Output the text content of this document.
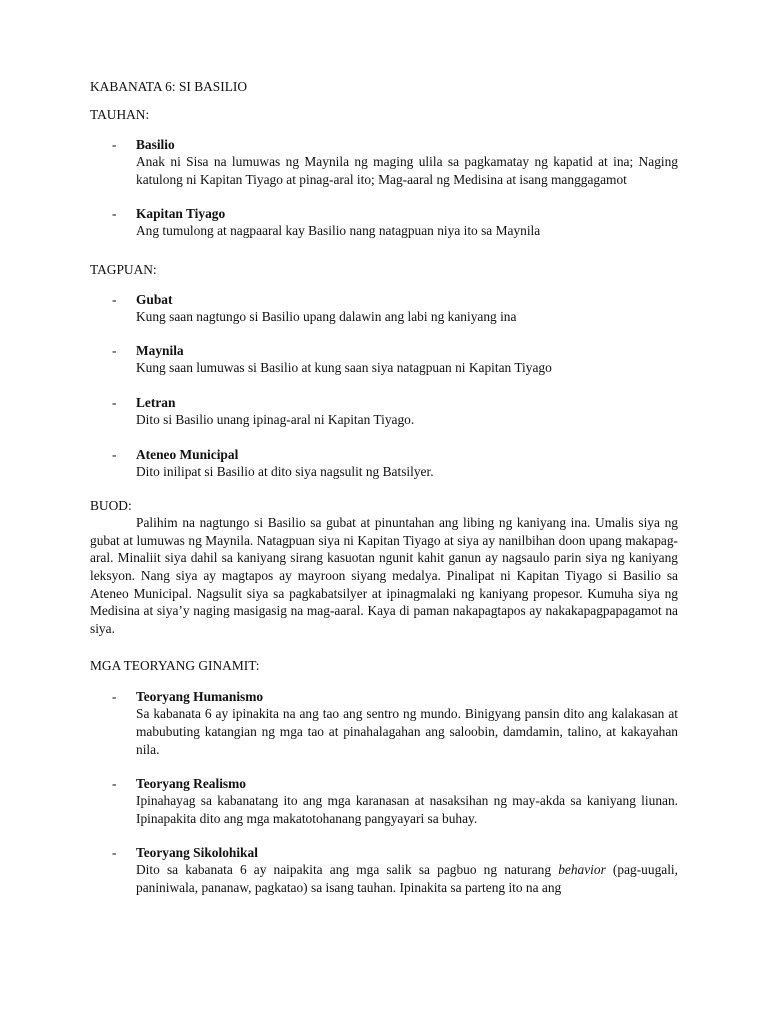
KABANATA 6: SI BASILIO

TAUHAN:

- Basilio
Anak ni Sisa na lumuwas ng Maynila ng maging ulila sa pagkamatay ng kapatid at ina; Naging katulong ni Kapitan Tiyago at pinag-aral ito; Mag-aaral ng Medisina at isang manggagamot
- Kapitan Tiyago
Ang tumulong at nagpaaral kay Basilio nang natagpuan niya ito sa Maynila

TAGPUAN:

- Gubat
Kung saan nagtungo si Basilio upang dalawin ang labi ng kaniyang ina
- Maynila
Kung saan lumuwas si Basilio at kung saan siya natagpuan ni Kapitan Tiyago
- Letran
Dito si Basilio unang ipinag-aral ni Kapitan Tiyago.
- Ateneo Municipal
Dito inilipat si Basilio at dito siya nagsulit ng Batsilyer.

BUOD:

Palihim na nagtungo si Basilio sa gubat at pinuntahan ang libing ng kaniyang ina. Umalis siya ng gubat at lumuwas ng Maynila. Natagpuan siya ni Kapitan Tiyago at siya ay nanilbihan doon upang makapag-aral. Minaliit siya dahil sa kaniyang sirang kasuotan ngunit kahit ganun ay nagsaulo parin siya ng kaniyang leksyon. Nang siya ay magtapos ay mayroon siyang medalya. Pinalipat ni Kapitan Tiyago si Basilio sa Ateneo Municipal. Nagsulit siya sa pagkabatsilyer at ipinagmalaki ng kaniyang propesor. Kumuha siya ng Medisina at siya’y naging masigasig na mag-aaral. Kaya di paman nakapagtapos ay nakakapagpapagamot na siya.

MGA TEORYANG GINAMIT:

- Teoryang Humanismo
Sa kabanata 6 ay ipinakita na ang tao ang sentro ng mundo. Binigyang pansin dito ang kalakasan at mabubuting katangian ng mga tao at pinahalagahan ang saloobin, damdamin, talino, at kakayahan nila.
- Teoryang Realismo
Ipinahayag sa kabanatang ito ang mga karanasan at nasaksihan ng may-akda sa kaniyang liunan. Ipinapakita dito ang mga makatotohanang pangyayari sa buhay.
- Teoryang Sikolohikal
Dito sa kabanata 6 ay naipakita ang mga salik sa pagbuo ng naturang behavior (pag-uugali, paniniwala, pananaw, pagkatao) sa isang tauhan. Ipinakita sa parteng ito na ang
